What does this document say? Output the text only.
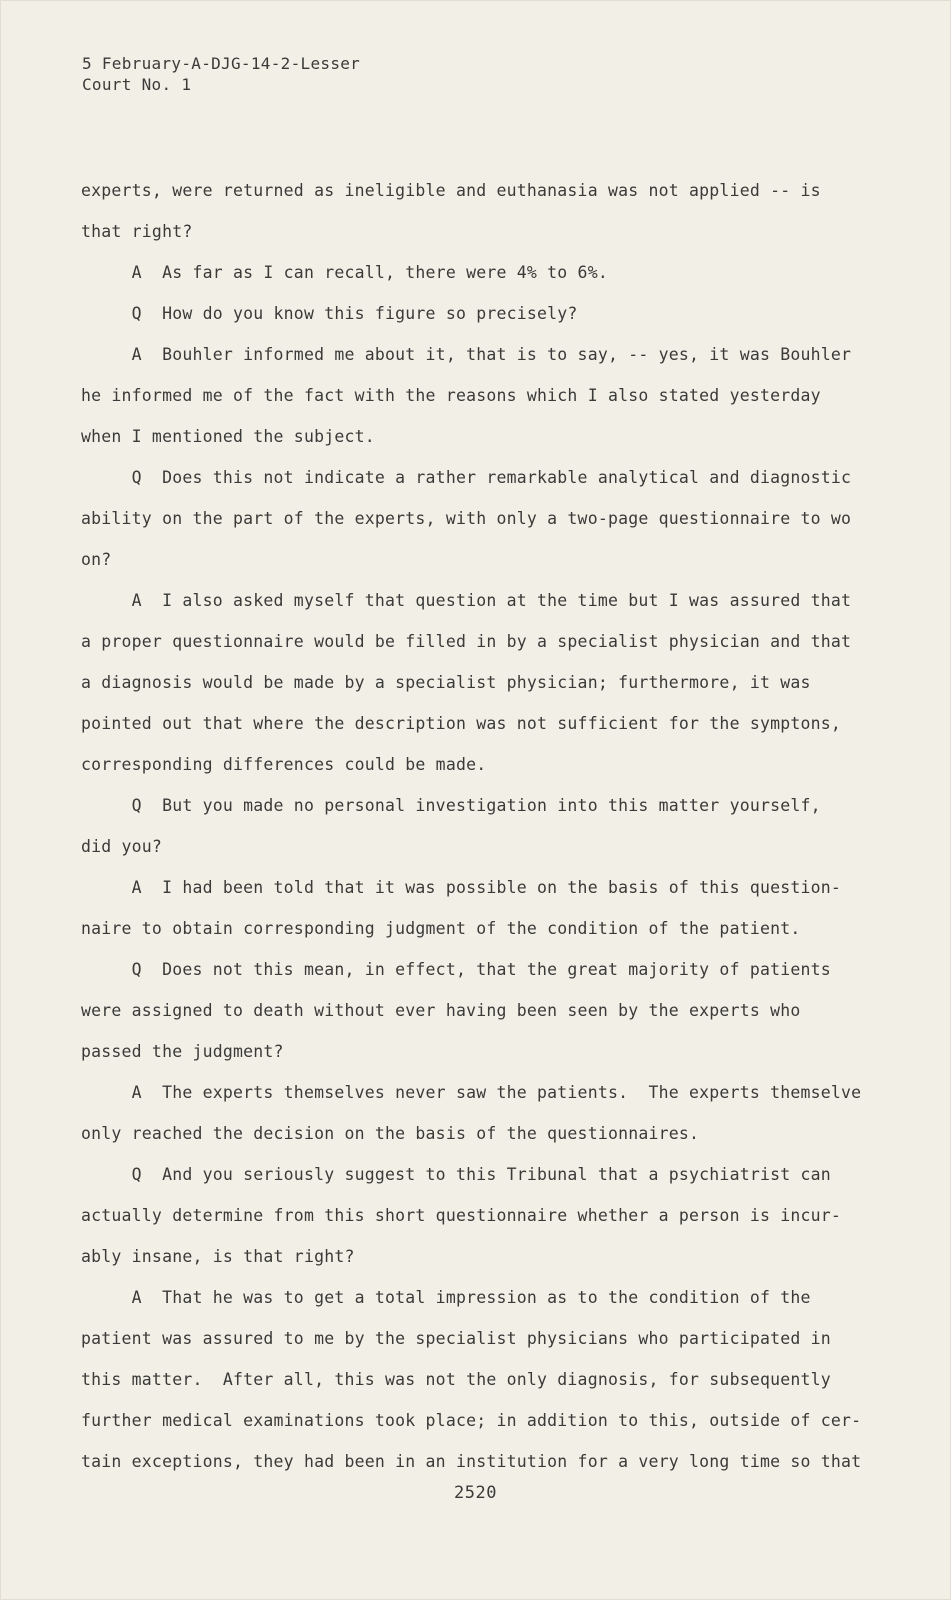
5 February-A-DJG-14-2-Lesser
Court No. 1

experts, were returned as ineligible and euthanasia was not applied -- is

that right?

A  As far as I can recall, there were 4% to 6%.

Q  How do you know this figure so precisely?

A  Bouhler informed me about it, that is to say, -- yes, it was Bouhler

he informed me of the fact with the reasons which I also stated yesterday

when I mentioned the subject.

Q  Does this not indicate a rather remarkable analytical and diagnostic

ability on the part of the experts, with only a two-page questionnaire to wo

on?

A  I also asked myself that question at the time but I was assured that

a proper questionnaire would be filled in by a specialist physician and that

a diagnosis would be made by a specialist physician; furthermore, it was

pointed out that where the description was not sufficient for the symptons,

corresponding differences could be made.

Q  But you made no personal investigation into this matter yourself,

did you?

A  I had been told that it was possible on the basis of this question-

naire to obtain corresponding judgment of the condition of the patient.

Q  Does not this mean, in effect, that the great majority of patients

were assigned to death without ever having been seen by the experts who

passed the judgment?

A  The experts themselves never saw the patients.  The experts themselve

only reached the decision on the basis of the questionnaires.

Q  And you seriously suggest to this Tribunal that a psychiatrist can

actually determine from this short questionnaire whether a person is incur-

ably insane, is that right?

A  That he was to get a total impression as to the condition of the

patient was assured to me by the specialist physicians who participated in

this matter.  After all, this was not the only diagnosis, for subsequently

further medical examinations took place; in addition to this, outside of cer-

tain exceptions, they had been in an institution for a very long time so that

2520
